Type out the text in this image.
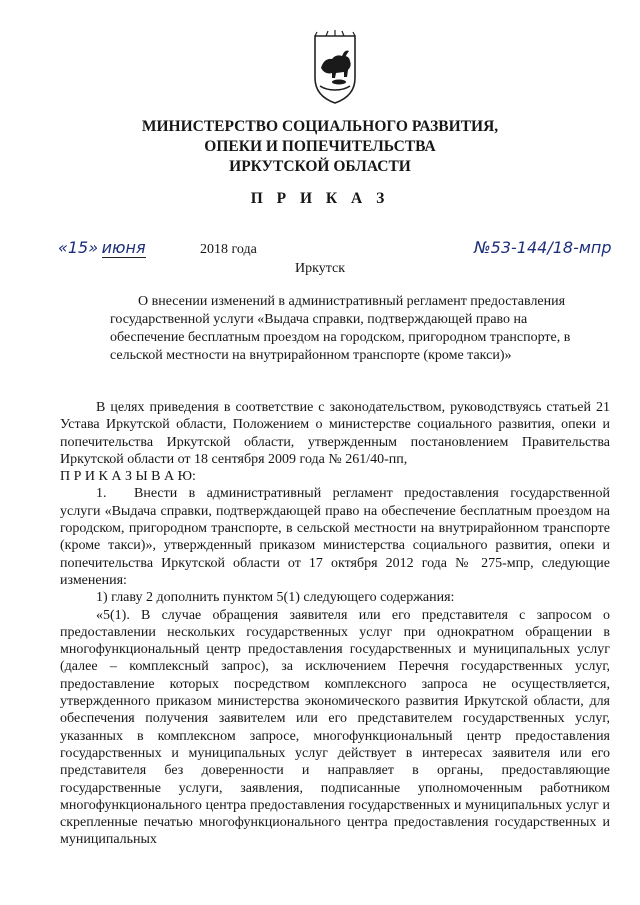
МИНИСТЕРСТВО СОЦИАЛЬНОГО РАЗВИТИЯ,
ОПЕКИ И ПОПЕЧИТЕЛЬСТВА
ИРКУТСКОЙ ОБЛАСТИ
П Р И К А З
«15» июня	2018 года	№53-144/18-мпр
Иркутск
О внесении изменений в административный регламент предоставления
государственной услуги «Выдача справки, подтверждающей право на
обеспечение бесплатным проездом на городском, пригородном транспорте, в
сельской местности на внутрирайонном транспорте (кроме такси)»

В целях приведения в соответствие с законодательством, руководствуясь статьей 21 Устава Иркутской области, Положением о министерстве социального развития, опеки и попечительства Иркутской области, утвержденным постановлением Правительства Иркутской области от 18 сентября 2009 года № 261/40-пп,

П Р И К А З Ы В А Ю:

1. Внести в административный регламент предоставления государственной услуги «Выдача справки, подтверждающей право на обеспечение бесплатным проездом на городском, пригородном транспорте, в сельской местности на внутрирайонном транспорте (кроме такси)», утвержденный приказом министерства социального развития, опеки и попечительства Иркутской области от 17 октября 2012 года № 275-мпр, следующие изменения:

1) главу 2 дополнить пунктом 5(1) следующего содержания:

«5(1). В случае обращения заявителя или его представителя с запросом о предоставлении нескольких государственных услуг при однократном обращении в многофункциональный центр предоставления государственных и муниципальных услуг (далее – комплексный запрос), за исключением Перечня государственных услуг, предоставление которых посредством комплексного запроса не осуществляется, утвержденного приказом министерства экономического развития Иркутской области, для обеспечения получения заявителем или его представителем государственных услуг, указанных в комплексном запросе, многофункциональный центр предоставления государственных и муниципальных услуг действует в интересах заявителя или его представителя без доверенности и направляет в органы, предоставляющие государственные услуги, заявления, подписанные уполномоченным работником многофункционального центра предоставления государственных и муниципальных услуг и скрепленные печатью многофункционального центра предоставления государственных и муниципальных
